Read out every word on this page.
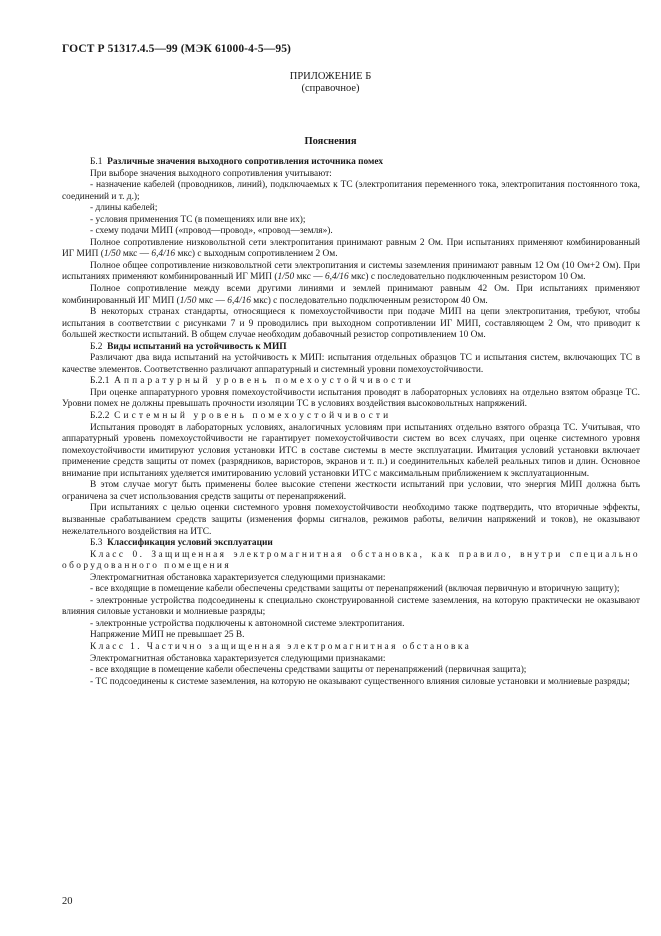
ГОСТ Р 51317.4.5—99 (МЭК 61000-4-5—95)
ПРИЛОЖЕНИЕ Б
(справочное)
Пояснения

Б.1 Различные значения выходного сопротивления источника помех

При выборе значения выходного сопротивления учитывают:

- назначение кабелей (проводников, линий), подключаемых к ТС (электропитания переменного тока, электропитания постоянного тока, соединений и т. д.);

- длины кабелей;

- условия применения ТС (в помещениях или вне их);

- схему подачи МИП («провод—провод», «провод—земля»).

Полное сопротивление низковольтной сети электропитания принимают равным 2 Ом. При испытаниях применяют комбинированный ИГ МИП (1/50 мкс — 6,4/16 мкс) с выходным сопротивлением 2 Ом.

Полное общее сопротивление низковольтной сети электропитания и системы заземления принимают равным 12 Ом (10 Ом+2 Ом). При испытаниях применяют комбинированный ИГ МИП (1/50 мкс — 6,4/16 мкс) с последовательно подключенным резистором 10 Ом.

Полное сопротивление между всеми другими линиями и землей принимают равным 42 Ом. При испытаниях применяют комбинированный ИГ МИП (1/50 мкс — 6,4/16 мкс) с последовательно подключенным резистором 40 Ом.

В некоторых странах стандарты, относящиеся к помехоустойчивости при подаче МИП на цепи электропитания, требуют, чтобы испытания в соответствии с рисунками 7 и 9 проводились при выходном сопротивлении ИГ МИП, составляющем 2 Ом, что приводит к большей жесткости испытаний. В общем случае необходим добавочный резистор сопротивлением 10 Ом.

Б.2 Виды испытаний на устойчивость к МИП

Различают два вида испытаний на устойчивость к МИП: испытания отдельных образцов ТС и испытания систем, включающих ТС в качестве элементов. Соответственно различают аппаратурный и системный уровни помехоустойчивости.

Б.2.1 Аппаратурный уровень помехоустойчивости

При оценке аппаратурного уровня помехоустойчивости испытания проводят в лабораторных условиях на отдельно взятом образце ТС. Уровни помех не должны превышать прочности изоляции ТС в условиях воздействия высоковольтных напряжений.

Б.2.2 Системный уровень помехоустойчивости

Испытания проводят в лабораторных условиях, аналогичных условиям при испытаниях отдельно взятого образца ТС. Учитывая, что аппаратурный уровень помехоустойчивости не гарантирует помехоустойчивости систем во всех случаях, при оценке системного уровня помехоустойчивости имитируют условия установки ИТС в составе системы в месте эксплуатации. Имитация условий установки включает применение средств защиты от помех (разрядников, варисторов, экранов и т. п.) и соединительных кабелей реальных типов и длин. Основное внимание при испытаниях уделяется имитированию условий установки ИТС с максимальным приближением к эксплуатационным.

В этом случае могут быть применены более высокие степени жесткости испытаний при условии, что энергия МИП должна быть ограничена за счет использования средств защиты от перенапряжений.

При испытаниях с целью оценки системного уровня помехоустойчивости необходимо также подтвердить, что вторичные эффекты, вызванные срабатыванием средств защиты (изменения формы сигналов, режимов работы, величин напряжений и токов), не оказывают нежелательного воздействия на ИТС.

Б.3 Классификация условий эксплуатации

Класс 0. Защищенная электромагнитная обстановка, как правило, внутри специально оборудованного помещения

Электромагнитная обстановка характеризуется следующими признаками:

- все входящие в помещение кабели обеспечены средствами защиты от перенапряжений (включая первичную и вторичную защиту);

- электронные устройства подсоединены к специально сконструированной системе заземления, на которую практически не оказывают влияния силовые установки и молниевые разряды;

- электронные устройства подключены к автономной системе электропитания.

Напряжение МИП не превышает 25 В.

Класс 1. Частично защищенная электромагнитная обстановка

Электромагнитная обстановка характеризуется следующими признаками:

- все входящие в помещение кабели обеспечены средствами защиты от перенапряжений (первичная защита);

- ТС подсоединены к системе заземления, на которую не оказывают существенного влияния силовые установки и молниевые разряды;

20
